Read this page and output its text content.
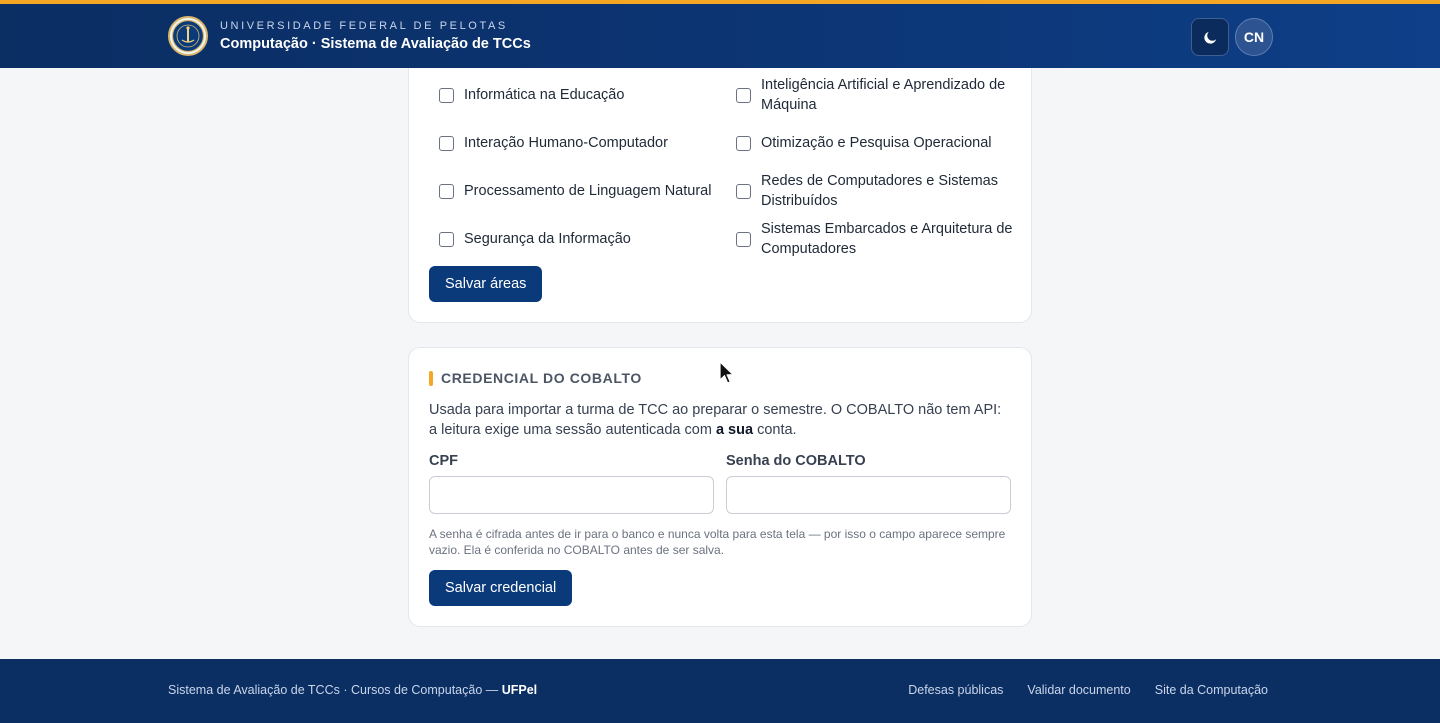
UNIVERSIDADE FEDERAL DE PELOTAS
Computação · Sistema de Avaliação de TCCs	CN
Informática na Educação
Inteligência Artificial e Aprendizado de Máquina
Interação Humano-Computador	Otimização e Pesquisa Operacional
Processamento de Linguagem Natural
Redes de Computadores e Sistemas Distribuídos
Segurança da Informação
Sistemas Embarcados e Arquitetura de Computadores
Salvar áreas
CREDENCIAL DO COBALTO

Usada para importar a turma de TCC ao preparar o semestre. O COBALTO não tem API: a leitura exige uma sessão autenticada com a sua conta.

CPF	Senha do COBALTO

A senha é cifrada antes de ir para o banco e nunca volta para esta tela — por isso o campo aparece sempre vazio. Ela é conferida no COBALTO antes de ser salva.

Salvar credencial
Sistema de Avaliação de TCCs · Cursos de Computação — UFPel	Defesas públicas Validar documento Site da Computação
